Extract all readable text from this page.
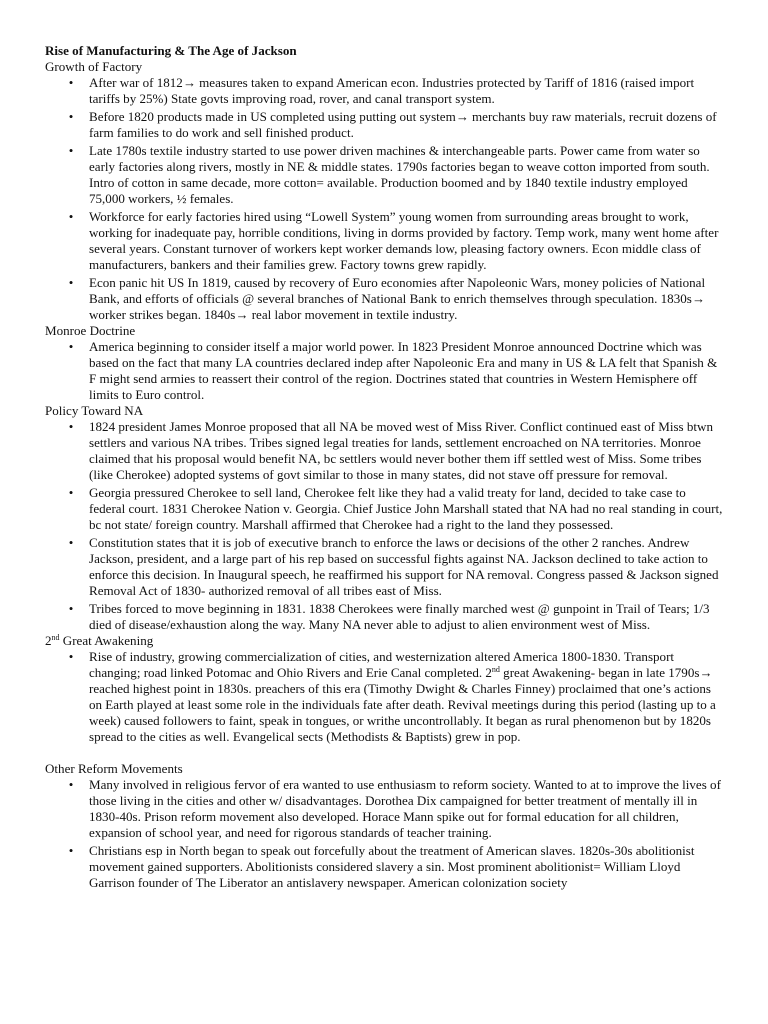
Rise of Manufacturing & The Age of Jackson
Growth of Factory
• After war of 1812→ measures taken to expand American econ. Industries protected by Tariff of 1816 (raised import tariffs by 25%) State govts improving road, rover, and canal transport system.
• Before 1820 products made in US completed using putting out system→ merchants buy raw materials, recruit dozens of farm families to do work and sell finished product.
• Late 1780s textile industry started to use power driven machines & interchangeable parts. Power came from water so early factories along rivers, mostly in NE & middle states. 1790s factories began to weave cotton imported from south. Intro of cotton in same decade, more cotton= available. Production boomed and by 1840 textile industry employed 75,000 workers, ½ females.
• Workforce for early factories hired using “Lowell System” young women from surrounding areas brought to work, working for inadequate pay, horrible conditions, living in dorms provided by factory. Temp work, many went home after several years. Constant turnover of workers kept worker demands low, pleasing factory owners. Econ middle class of manufacturers, bankers and their families grew. Factory towns grew rapidly.
• Econ panic hit US In 1819, caused by recovery of Euro economies after Napoleonic Wars, money policies of National Bank, and efforts of officials @ several branches of National Bank to enrich themselves through speculation. 1830s→ worker strikes began. 1840s→ real labor movement in textile industry.
Monroe Doctrine
• America beginning to consider itself a major world power. In 1823 President Monroe announced Doctrine which was based on the fact that many LA countries declared indep after Napoleonic Era and many in US & LA felt that Spanish & F might send armies to reassert their control of the region. Doctrines stated that countries in Western Hemisphere off limits to Euro control.
Policy Toward NA
• 1824 president James Monroe proposed that all NA be moved west of Miss River. Conflict continued east of Miss btwn settlers and various NA tribes. Tribes signed legal treaties for lands, settlement encroached on NA territories. Monroe claimed that his proposal would benefit NA, bc settlers would never bother them iff settled west of Miss. Some tribes (like Cherokee) adopted systems of govt similar to those in many states, did not stave off pressure for removal.
• Georgia pressured Cherokee to sell land, Cherokee felt like they had a valid treaty for land, decided to take case to federal court. 1831 Cherokee Nation v. Georgia. Chief Justice John Marshall stated that NA had no real standing in court, bc not state/ foreign country. Marshall affirmed that Cherokee had a right to the land they possessed.
• Constitution states that it is job of executive branch to enforce the laws or decisions of the other 2 ranches. Andrew Jackson, president, and a large part of his rep based on successful fights against NA. Jackson declined to take action to enforce this decision. In Inaugural speech, he reaffirmed his support for NA removal. Congress passed & Jackson signed Removal Act of 1830- authorized removal of all tribes east of Miss.
• Tribes forced to move beginning in 1831. 1838 Cherokees were finally marched west @ gunpoint in Trail of Tears; 1/3 died of disease/exhaustion along the way. Many NA never able to adjust to alien environment west of Miss.
2nd Great Awakening
• Rise of industry, growing commercialization of cities, and westernization altered America 1800-1830. Transport changing; road linked Potomac and Ohio Rivers and Erie Canal completed. 2nd great Awakening- began in late 1790s→ reached highest point in 1830s. preachers of this era (Timothy Dwight & Charles Finney) proclaimed that one’s actions on Earth played at least some role in the individuals fate after death. Revival meetings during this period (lasting up to a week) caused followers to faint, speak in tongues, or writhe uncontrollably. It began as rural phenomenon but by 1820s spread to the cities as well. Evangelical sects (Methodists & Baptists) grew in pop.
Other Reform Movements
• Many involved in religious fervor of era wanted to use enthusiasm to reform society. Wanted to at to improve the lives of those living in the cities and other w/ disadvantages. Dorothea Dix campaigned for better treatment of mentally ill in 1830-40s. Prison reform movement also developed. Horace Mann spike out for formal education for all children, expansion of school year, and need for rigorous standards of teacher training.
• Christians esp in North began to speak out forcefully about the treatment of American slaves. 1820s-30s abolitionist movement gained supporters. Abolitionists considered slavery a sin. Most prominent abolitionist= William Lloyd Garrison founder of The Liberator an antislavery newspaper. American colonization society
